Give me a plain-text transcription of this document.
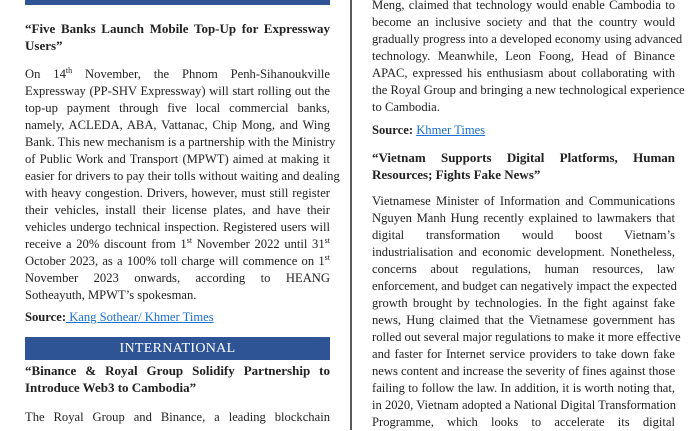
“Five Banks Launch Mobile Top-Up for Expressway
Users”
On 14th November, the Phnom Penh-Sihanoukville
Expressway (PP-SHV Expressway) will start rolling out the
top-up payment through five local commercial banks,
namely, ACLEDA, ABA, Vattanac, Chip Mong, and Wing
Bank. This new mechanism is a partnership with the Ministry
of Public Work and Transport (MPWT) aimed at making it
easier for drivers to pay their tolls without waiting and dealing
with heavy congestion. Drivers, however, must still register
their vehicles, install their license plates, and have their
vehicles undergo technical inspection. Registered users will
receive a 20% discount from 1st November 2022 until 31st
October 2023, as a 100% toll charge will commence on 1st
November 2023 onwards, according to HEANG
Sotheayuth, MPWT’s spokesman.
Source: Kang Sothear/ Khmer Times
INTERNATIONAL
“Binance & Royal Group Solidify Partnership to
Introduce Web3 to Cambodia”
The Royal Group and Binance, a leading blockchain
Meng, claimed that technology would enable Cambodia to
become an inclusive society and that the country would
gradually progress into a developed economy using advanced
technology. Meanwhile, Leon Foong, Head of Binance
APAC, expressed his enthusiasm about collaborating with
the Royal Group and bringing a new technological experience
to Cambodia.
Source: Khmer Times
“Vietnam Supports Digital Platforms, Human
Resources; Fights Fake News”
Vietnamese Minister of Information and Communications
Nguyen Manh Hung recently explained to lawmakers that
digital transformation would boost Vietnam’s
industrialisation and economic development. Nonetheless,
concerns about regulations, human resources, law
enforcement, and budget can negatively impact the expected
growth brought by technologies. In the fight against fake
news, Hung claimed that the Vietnamese government has
rolled out several major regulations to make it more effective
and faster for Internet service providers to take down fake
news content and increase the severity of fines against those
failing to follow the law. In addition, it is worth noting that,
in 2020, Vietnam adopted a National Digital Transformation
Programme, which looks to accelerate its digital
